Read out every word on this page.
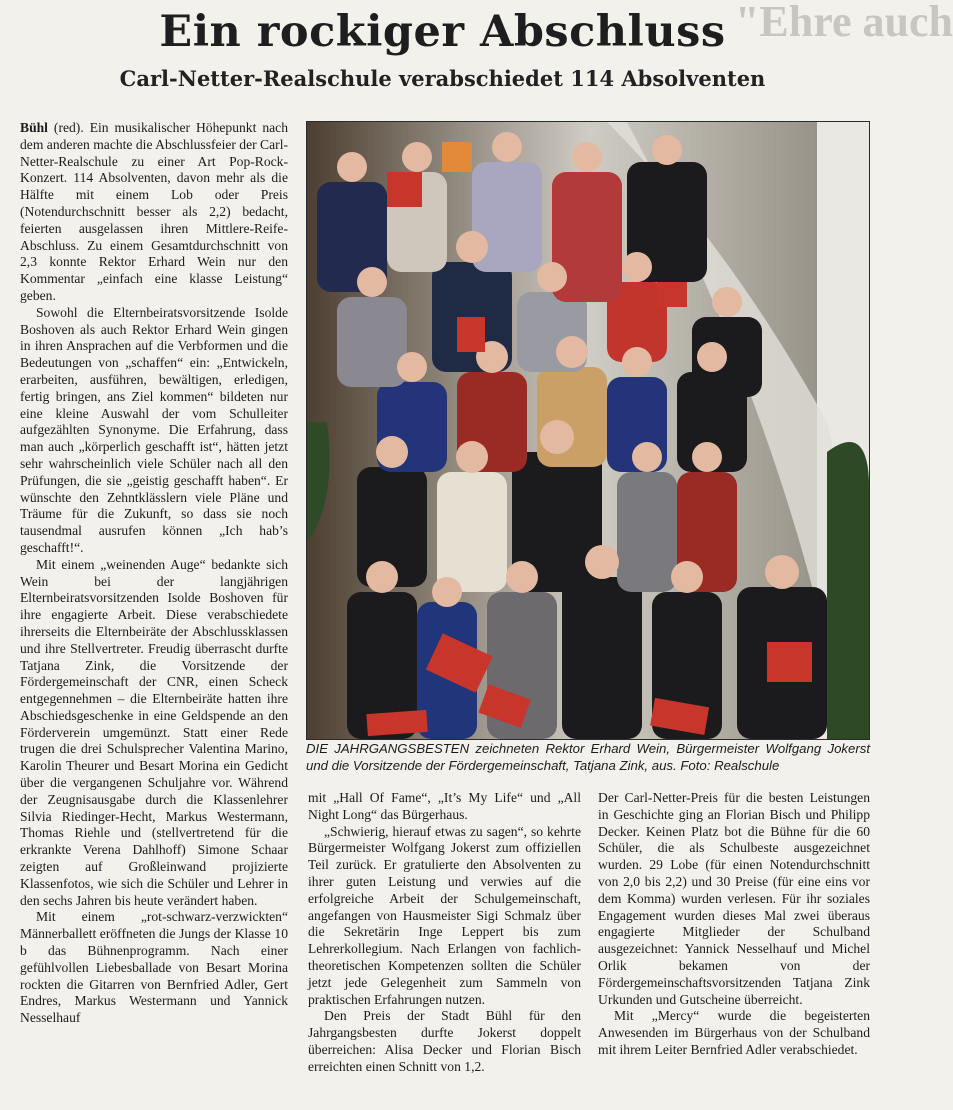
"Ehre auch
Ein rockiger Abschluss
Carl-Netter-Realschule verabschiedet 114 Absolventen

Bühl (red). Ein musikalischer Höhepunkt nach dem anderen machte die Abschlussfeier der Carl-Netter-Realschule zu einer Art Pop-Rock-Konzert. 114 Absolventen, davon mehr als die Hälfte mit einem Lob oder Preis (Notendurchschnitt besser als 2,2) bedacht, feierten ausgelassen ihren Mittlere-Reife-Abschluss. Zu einem Gesamtdurchschnitt von 2,3 konnte Rektor Erhard Wein nur den Kommentar „einfach eine klasse Leistung“ geben.

Sowohl die Elternbeiratsvorsitzende Isolde Boshoven als auch Rektor Erhard Wein gingen in ihren Ansprachen auf die Verbformen und die Bedeutungen von „schaffen“ ein: „Entwickeln, erarbeiten, ausführen, bewältigen, erledigen, fertig bringen, ans Ziel kommen“ bildeten nur eine kleine Auswahl der vom Schulleiter aufgezählten Synonyme. Die Erfahrung, dass man auch „körperlich geschafft ist“, hätten jetzt sehr wahrscheinlich viele Schüler nach all den Prüfungen, die sie „geistig geschafft haben“. Er wünschte den Zehntklässlern viele Pläne und Träume für die Zukunft, so dass sie noch tausendmal ausrufen können „Ich hab’s geschafft!“.

Mit einem „weinenden Auge“ bedankte sich Wein bei der langjährigen Elternbeiratsvorsitzenden Isolde Boshoven für ihre engagierte Arbeit. Diese verabschiedete ihrerseits die Elternbeiräte der Abschlussklassen und ihre Stellvertreter. Freudig überrascht durfte Tatjana Zink, die Vorsitzende der Fördergemeinschaft der CNR, einen Scheck entgegennehmen – die Elternbeiräte hatten ihre Abschiedsgeschenke in eine Geldspende an den Förderverein umgemünzt. Statt einer Rede trugen die drei Schulsprecher Valentina Marino, Karolin Theurer und Besart Morina ein Gedicht über die vergangenen Schuljahre vor. Während der Zeugnisausgabe durch die Klassenlehrer Silvia Riedinger-Hecht, Markus Westermann, Thomas Riehle und (stellvertretend für die erkrankte Verena Dahlhoff) Simone Schaar zeigten auf Großleinwand projizierte Klassenfotos, wie sich die Schüler und Lehrer in den sechs Jahren bis heute verändert haben.

Mit einem „rot-schwarz-verzwickten“ Männerballett eröffneten die Jungs der Klasse 10 b das Bühnenprogramm. Nach einer gefühlvollen Liebesballade von Besart Morina rockten die Gitarren von Bernfried Adler, Gert Endres, Markus Westermann und Yannick Nesselhauf

DIE JAHRGANGSBESTEN zeichneten Rektor Erhard Wein, Bürgermeister Wolfgang Jokerst und die Vorsitzende der Fördergemeinschaft, Tatjana Zink, aus. Foto: Realschule

mit „Hall Of Fame“, „It’s My Life“ und „All Night Long“ das Bürgerhaus.

„Schwierig, hierauf etwas zu sagen“, so kehrte Bürgermeister Wolfgang Jokerst zum offiziellen Teil zurück. Er gratulierte den Absolventen zu ihrer guten Leistung und verwies auf die erfolgreiche Arbeit der Schulgemeinschaft, angefangen von Hausmeister Sigi Schmalz über die Sekretärin Inge Leppert bis zum Lehrerkollegium. Nach Erlangen von fachlich-theoretischen Kompetenzen sollten die Schüler jetzt jede Gelegenheit zum Sammeln von praktischen Erfahrungen nutzen.

Den Preis der Stadt Bühl für den Jahrgangsbesten durfte Jokerst doppelt überreichen: Alisa Decker und Florian Bisch erreichten einen Schnitt von 1,2.

Der Carl-Netter-Preis für die besten Leistungen in Geschichte ging an Florian Bisch und Philipp Decker. Keinen Platz bot die Bühne für die 60 Schüler, die als Schulbeste ausgezeichnet wurden. 29 Lobe (für einen Notendurchschnitt von 2,0 bis 2,2) und 30 Preise (für eine eins vor dem Komma) wurden verlesen. Für ihr soziales Engagement wurden dieses Mal zwei überaus engagierte Mitglieder der Schulband ausgezeichnet: Yannick Nesselhauf und Michel Orlik bekamen von der Fördergemeinschaftsvorsitzenden Tatjana Zink Urkunden und Gutscheine überreicht.

Mit „Mercy“ wurde die begeisterten Anwesenden im Bürgerhaus von der Schulband mit ihrem Leiter Bernfried Adler verabschiedet.
